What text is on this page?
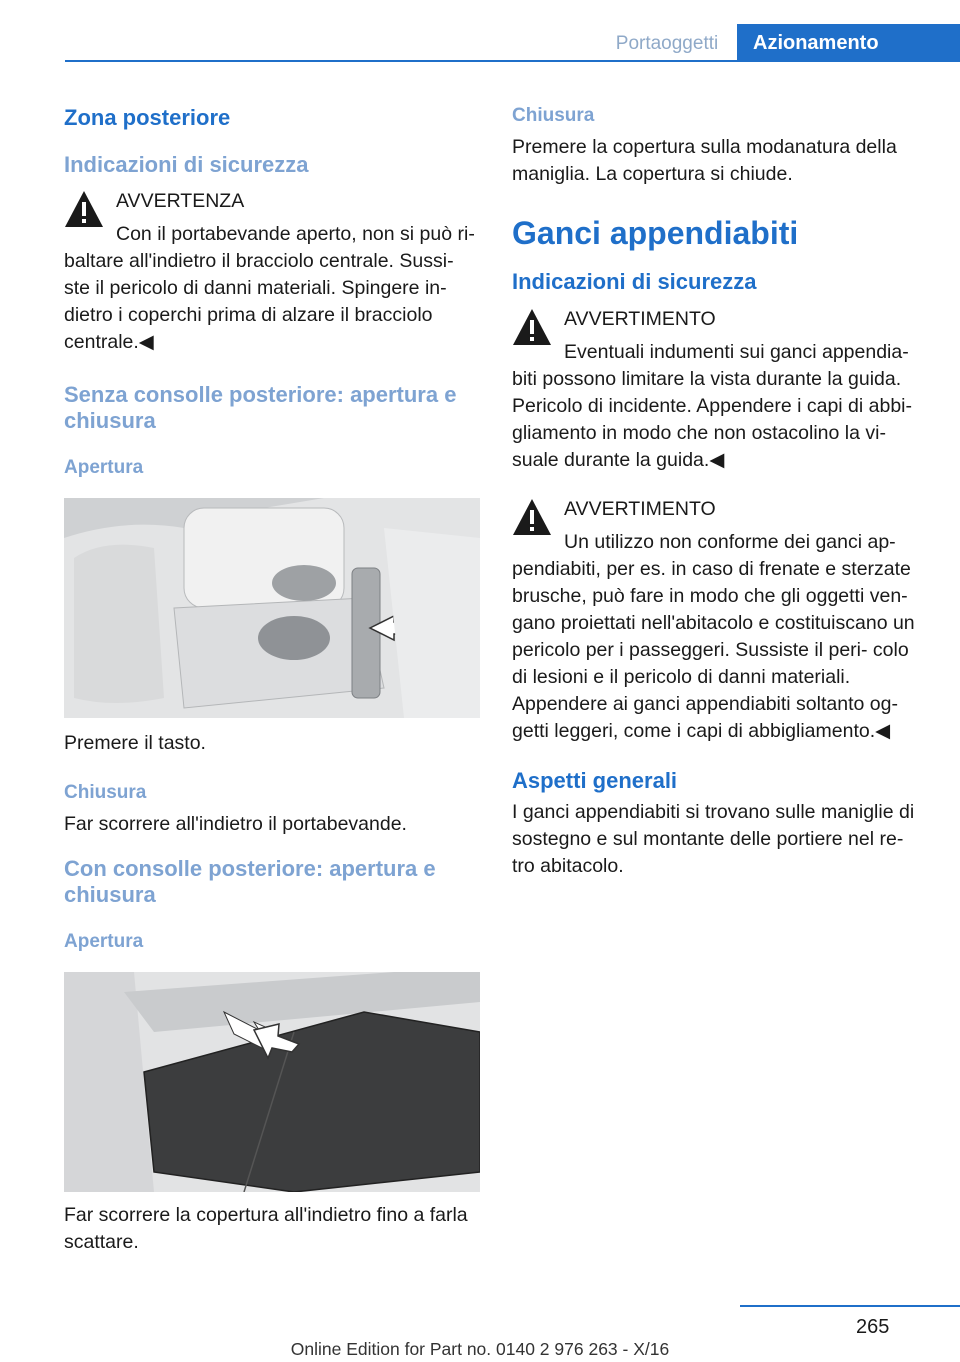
Portaoggetti	Azionamento
Zona posteriore
Indicazioni di sicurezza
AVVERTENZA
Con il portabevande aperto, non si può ri‐
baltare all'indietro il bracciolo centrale. Sussi‐ ste il pericolo di danni materiali. Spingere in‐ dietro i coperchi prima di alzare il bracciolo centrale.◀
Senza consolle posteriore: apertura e chiusura
Apertura
Premere il tasto.
Chiusura
Far scorrere all'indietro il portabevande.
Con consolle posteriore: apertura e chiusura
Apertura
Far scorrere la copertura all'indietro fino a farla scattare.
Chiusura
Premere la copertura sulla modanatura della maniglia. La copertura si chiude.
Ganci appendiabiti
Indicazioni di sicurezza
AVVERTIMENTO
Eventuali indumenti sui ganci appendia‐
biti possono limitare la vista durante la guida. Pericolo di incidente. Appendere i capi di abbi‐ gliamento in modo che non ostacolino la vi‐ suale durante la guida.◀
AVVERTIMENTO
Un utilizzo non conforme dei ganci ap‐
pendiabiti, per es. in caso di frenate e sterzate brusche, può fare in modo che gli oggetti ven‐ gano proiettati nell'abitacolo e costituiscano un pericolo per i passeggeri. Sussiste il peri‐ colo di lesioni e il pericolo di danni materiali. Appendere ai ganci appendiabiti soltanto og‐ getti leggeri, come i capi di abbigliamento.◀
Aspetti generali
I ganci appendiabiti si trovano sulle maniglie di sostegno e sul montante delle portiere nel re‐ tro abitacolo.
265
Online Edition for Part no. 0140 2 976 263 - X/16
